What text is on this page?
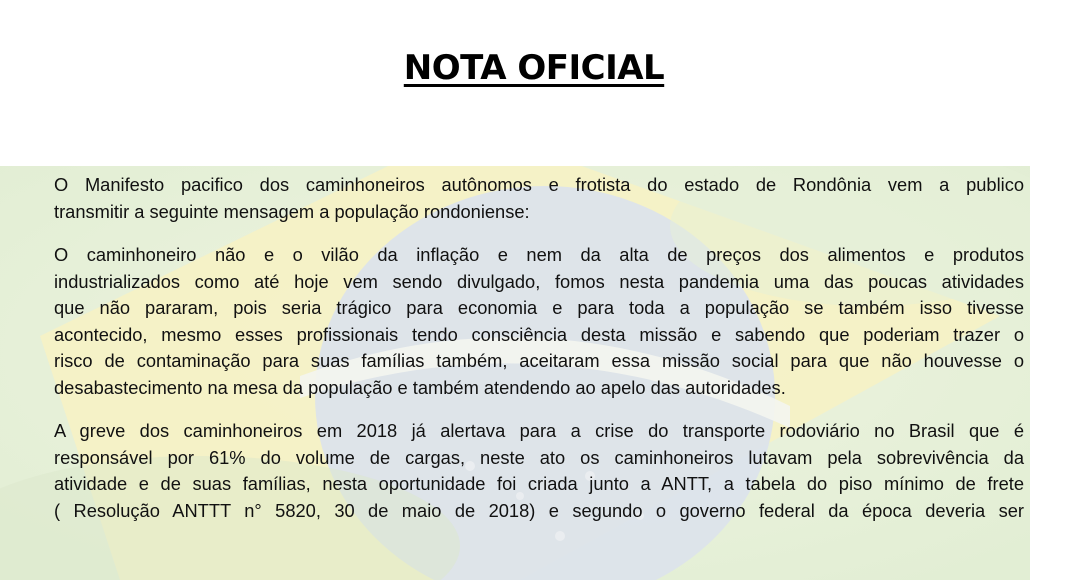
NOTA OFICIAL
O Manifesto pacifico dos caminhoneiros autônomos e frotista do estado de Rondônia vem a publico
transmitir a seguinte mensagem a população rondoniense:
O caminhoneiro não e o vilão da inflação e nem da alta de preços dos alimentos e produtos
industrializados como até hoje vem sendo divulgado, fomos nesta pandemia uma das poucas atividades
que não pararam, pois seria trágico para economia e para toda a população se também isso tivesse
acontecido, mesmo esses profissionais tendo consciência desta missão e sabendo que poderiam trazer o
risco de contaminação para suas famílias também, aceitaram essa missão social para que não houvesse o
desabastecimento na mesa da população e também atendendo ao apelo das autoridades.
A greve dos caminhoneiros em 2018 já alertava para a crise do transporte rodoviário no Brasil que é
responsável por 61% do volume de cargas, neste ato os caminhoneiros lutavam pela sobrevivência da
atividade e de suas famílias, nesta oportunidade foi criada junto a ANTT, a tabela do piso mínimo de frete
( Resolução ANTTT n° 5820, 30 de maio de 2018) e segundo o governo federal da época deveria ser
